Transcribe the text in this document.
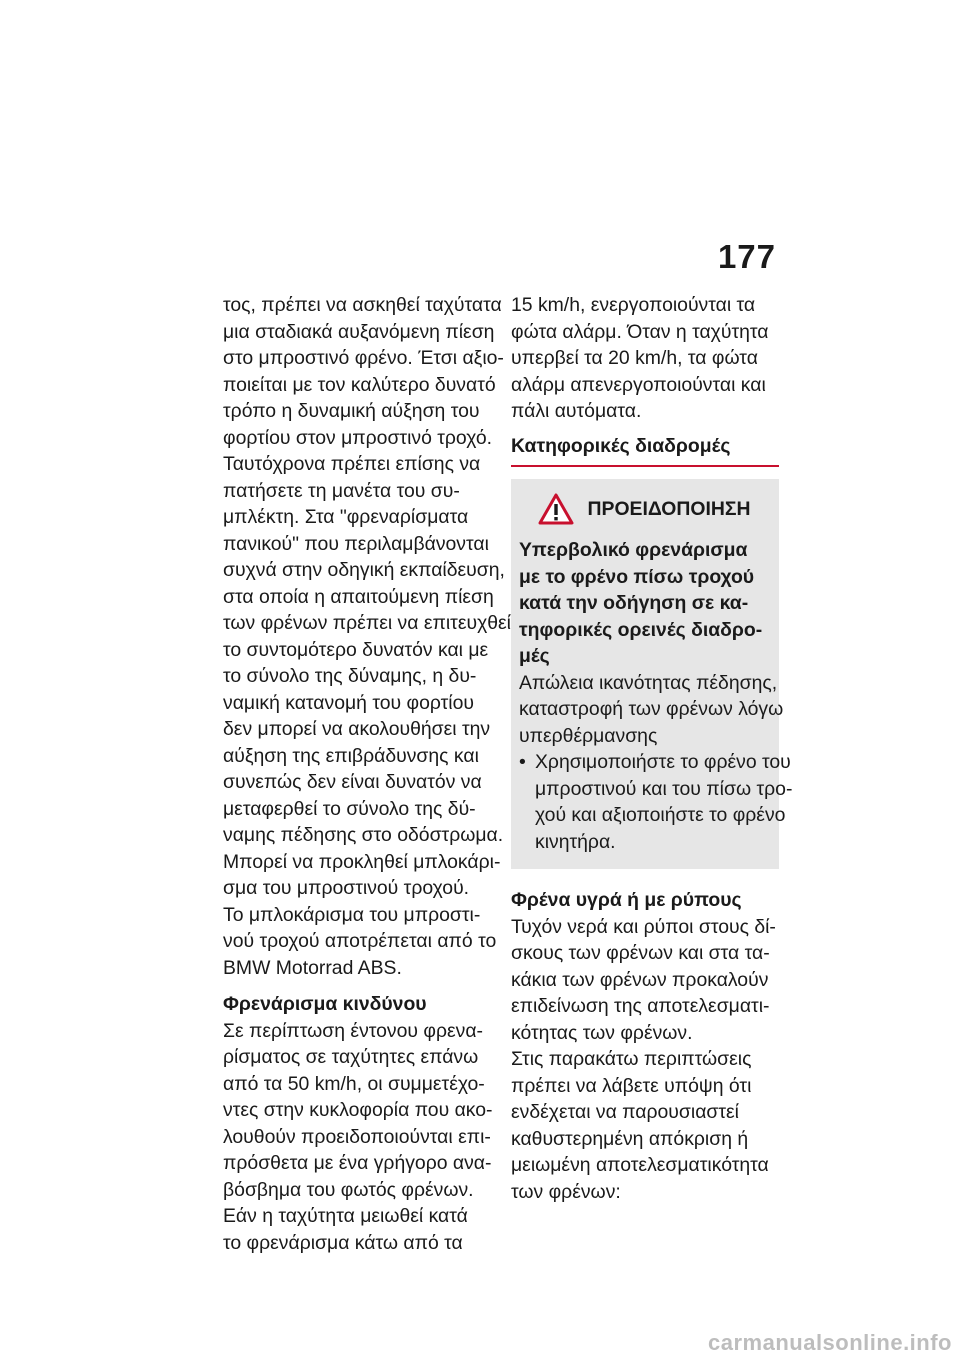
177
τος, πρέπει να ασκηθεί ταχύτατα
μια σταδιακά αυξανόμενη πίεση
στο μπροστινό φρένο. Έτσι αξιο-
ποιείται με τον καλύτερο δυνατό
τρόπο η δυναμική αύξηση του
φορτίου στον μπροστινό τροχό.
Ταυτόχρονα πρέπει επίσης να
πατήσετε τη μανέτα του συ-
μπλέκτη. Στα "φρεναρίσματα
πανικού" που περιλαμβάνονται
συχνά στην οδηγική εκπαίδευση,
στα οποία η απαιτούμενη πίεση
των φρένων πρέπει να επιτευχθεί
το συντομότερο δυνατόν και με
το σύνολο της δύναμης, η δυ-
ναμική κατανομή του φορτίου
δεν μπορεί να ακολουθήσει την
αύξηση της επιβράδυνσης και
συνεπώς δεν είναι δυνατόν να
μεταφερθεί το σύνολο της δύ-
ναμης πέδησης στο οδόστρωμα.
Μπορεί να προκληθεί μπλοκάρι-
σμα του μπροστινού τροχού.
Το μπλοκάρισμα του μπροστι-
νού τροχού αποτρέπεται από το
BMW Motorrad ABS.
Φρενάρισμα κινδύνου
Σε περίπτωση έντονου φρενα-
ρίσματος σε ταχύτητες επάνω
από τα 50 km/h, οι συμμετέχο-
ντες στην κυκλοφορία που ακο-
λουθούν προειδοποιούνται επι-
πρόσθετα με ένα γρήγορο ανα-
βόσβημα του φωτός φρένων.
Εάν η ταχύτητα μειωθεί κατά
το φρενάρισμα κάτω από τα
15 km/h, ενεργοποιούνται τα
φώτα αλάρμ. Όταν η ταχύτητα
υπερβεί τα 20 km/h, τα φώτα
αλάρμ απενεργοποιούνται και
πάλι αυτόματα.
Κατηφορικές διαδρομές
ΠΡΟΕΙΔΟΠΟΙΗΣΗ
Υπερβολικό φρενάρισμα
με το φρένο πίσω τροχού
κατά την οδήγηση σε κα-
τηφορικές ορεινές διαδρο-
μές
Απώλεια ικανότητας πέδησης,
καταστροφή των φρένων λόγω
υπερθέρμανσης
• Χρησιμοποιήστε το φρένο του
μπροστινού και του πίσω τρο-
χού και αξιοποιήστε το φρένο
κινητήρα.
Φρένα υγρά ή με ρύπους
Τυχόν νερά και ρύποι στους δί-
σκους των φρένων και στα τα-
κάκια των φρένων προκαλούν
επιδείνωση της αποτελεσματι-
κότητας των φρένων.
Στις παρακάτω περιπτώσεις
πρέπει να λάβετε υπόψη ότι
ενδέχεται να παρουσιαστεί
καθυστερημένη απόκριση ή
μειωμένη αποτελεσματικότητα
των φρένων:
carmanualsonline.info
